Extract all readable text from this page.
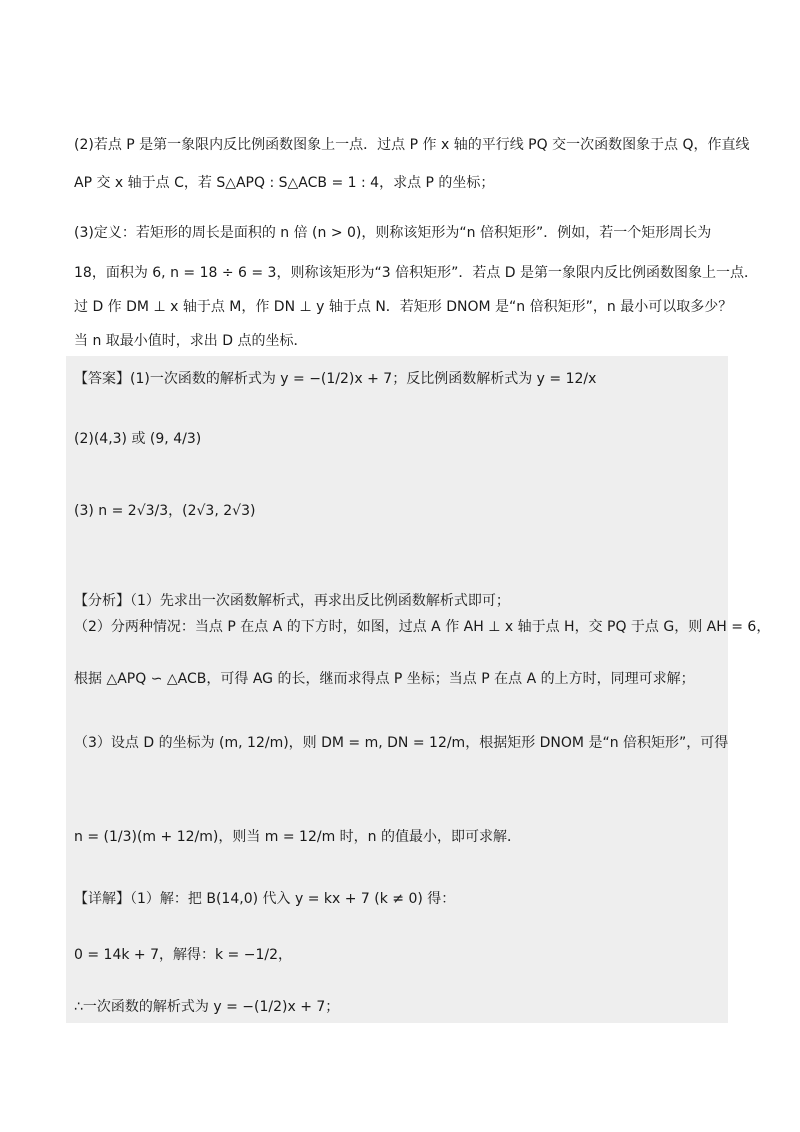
(2)若点 P 是第一象限内反比例函数图象上一点．过点 P 作 x 轴的平行线 PQ 交一次函数图象于点 Q，作直线
AP 交 x 轴于点 C，若 S△APQ : S△ACB = 1 : 4，求点 P 的坐标；
(3)定义：若矩形的周长是面积的 n 倍 (n > 0)，则称该矩形为“n 倍积矩形”．例如，若一个矩形周长为
18，面积为 6, n = 18 ÷ 6 = 3，则称该矩形为“3 倍积矩形”．若点 D 是第一象限内反比例函数图象上一点．
过 D 作 DM ⊥ x 轴于点 M，作 DN ⊥ y 轴于点 N．若矩形 DNOM 是“n 倍积矩形”，n 最小可以取多少？
当 n 取最小值时，求出 D 点的坐标．
【答案】(1)一次函数的解析式为 y = −(1/2)x + 7；反比例函数解析式为 y = 12/x
(2)(4,3) 或 (9, 4/3)
(3) n = 2√3/3，(2√3, 2√3)
【分析】（1）先求出一次函数解析式，再求出反比例函数解析式即可；
（2）分两种情况：当点 P 在点 A 的下方时，如图，过点 A 作 AH ⊥ x 轴于点 H，交 PQ 于点 G，则 AH = 6，
根据 △APQ ∽ △ACB，可得 AG 的长，继而求得点 P 坐标；当点 P 在点 A 的上方时，同理可求解；
（3）设点 D 的坐标为 (m, 12/m)，则 DM = m, DN = 12/m，根据矩形 DNOM 是“n 倍积矩形”，可得
n = (1/3)(m + 12/m)，则当 m = 12/m 时，n 的值最小，即可求解．
【详解】（1）解：把 B(14,0) 代入 y = kx + 7 (k ≠ 0) 得：
0 = 14k + 7，解得：k = −1/2，
∴一次函数的解析式为 y = −(1/2)x + 7；
